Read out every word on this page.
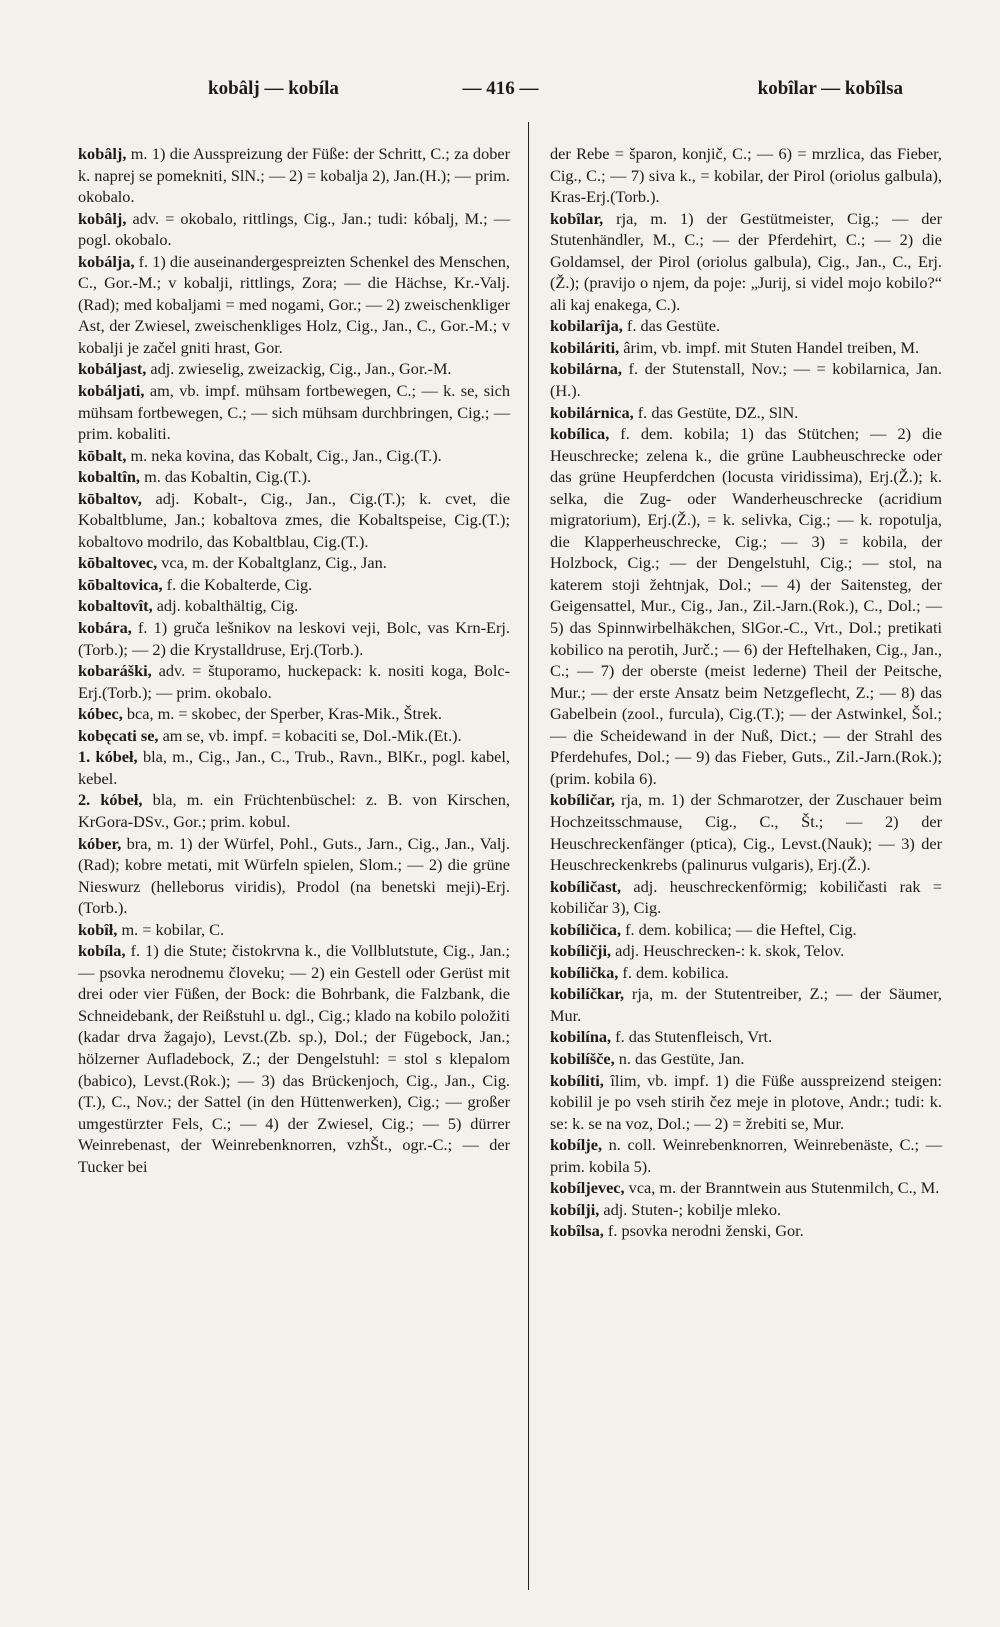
kobâlj — kobíla	— 416 —	kobîlar — kobîlsa

kobâlj, m. 1) die Ausspreizung der Füße: der Schritt, C.; za dober k. naprej se pomekniti, SlN.; — 2) = kobalja 2), Jan.(H.); — prim. okobalo.

kobâlj, adv. = okobalo, rittlings, Cig., Jan.; tudi: kóbalj, M.; — pogl. okobalo.

kobálja, f. 1) die auseinandergespreizten Schenkel des Menschen, C., Gor.-M.; v kobalji, rittlings, Zora; — die Hächse, Kr.-Valj.(Rad); med kobaljami = med nogami, Gor.; — 2) zweischenkliger Ast, der Zwiesel, zweischenkliges Holz, Cig., Jan., C., Gor.-M.; v kobalji je začel gniti hrast, Gor.

kobáljast, adj. zwieselig, zweizackig, Cig., Jan., Gor.-M.

kobáljati, am, vb. impf. mühsam fortbewegen, C.; — k. se, sich mühsam fortbewegen, C.; — sich mühsam durchbringen, Cig.; — prim. kobaliti.

kōbalt, m. neka kovina, das Kobalt, Cig., Jan., Cig.(T.).

kobaltîn, m. das Kobaltin, Cig.(T.).

kōbaltov, adj. Kobalt-, Cig., Jan., Cig.(T.); k. cvet, die Kobaltblume, Jan.; kobaltova zmes, die Kobaltspeise, Cig.(T.); kobaltovo modrilo, das Kobaltblau, Cig.(T.).

kōbaltovec, vca, m. der Kobaltglanz, Cig., Jan.

kōbaltovica, f. die Kobalterde, Cig.

kobaltovît, adj. kobalthältig, Cig.

kobára, f. 1) gruča lešnikov na leskovi veji, Bolc, vas Krn-Erj.(Torb.); — 2) die Krystalldruse, Erj.(Torb.).

kobaráški, adv. = štuporamo, huckepack: k. nositi koga, Bolc-Erj.(Torb.); — prim. okobalo.

kóbec, bca, m. = skobec, der Sperber, Kras-Mik., Štrek.

kobęcati se, am se, vb. impf. = kobaciti se, Dol.-Mik.(Et.).

1. kóbeł, bla, m., Cig., Jan., C., Trub., Ravn., BlKr., pogl. kabel, kebel.

2. kóbeł, bla, m. ein Früchtenbüschel: z. B. von Kirschen, KrGora-DSv., Gor.; prim. kobul.

kóber, bra, m. 1) der Würfel, Pohl., Guts., Jarn., Cig., Jan., Valj.(Rad); kobre metati, mit Würfeln spielen, Slom.; — 2) die grüne Nieswurz (helleborus viridis), Prodol (na benetski meji)-Erj.(Torb.).

kobîł, m. = kobilar, C.

kobíla, f. 1) die Stute; čistokrvna k., die Vollblutstute, Cig., Jan.; — psovka nerodnemu človeku; — 2) ein Gestell oder Gerüst mit drei oder vier Füßen, der Bock: die Bohrbank, die Falzbank, die Schneidebank, der Reißstuhl u. dgl., Cig.; klado na kobilo položiti (kadar drva žagajo), Levst.(Zb. sp.), Dol.; der Fügebock, Jan.; hölzerner Aufladebock, Z.; der Dengelstuhl: = stol s klepalom (babico), Levst.(Rok.); — 3) das Brückenjoch, Cig., Jan., Cig.(T.), C., Nov.; der Sattel (in den Hüttenwerken), Cig.; — großer umgestürzter Fels, C.; — 4) der Zwiesel, Cig.; — 5) dürrer Weinrebenast, der Weinrebenknorren, vzhŠt., ogr.-C.; — der Tucker bei

der Rebe = šparon, konjič, C.; — 6) = mrzlica, das Fieber, Cig., C.; — 7) siva k., = kobilar, der Pirol (oriolus galbula), Kras-Erj.(Torb.).

kobîlar, rja, m. 1) der Gestütmeister, Cig.; — der Stutenhändler, M., C.; — der Pferdehirt, C.; — 2) die Goldamsel, der Pirol (oriolus galbula), Cig., Jan., C., Erj.(Ž.); (pravijo o njem, da poje: „Jurij, si videl mojo kobilo?“ ali kaj enakega, C.).

kobilarîja, f. das Gestüte.

kobiláriti, ârim, vb. impf. mit Stuten Handel treiben, M.

kobilárna, f. der Stutenstall, Nov.; — = kobilarnica, Jan.(H.).

kobilárnica, f. das Gestüte, DZ., SlN.

kobílica, f. dem. kobila; 1) das Stütchen; — 2) die Heuschrecke; zelena k., die grüne Laubheuschrecke oder das grüne Heupferdchen (locusta viridissima), Erj.(Ž.); k. selka, die Zug- oder Wanderheuschrecke (acridium migratorium), Erj.(Ž.), = k. selivka, Cig.; — k. ropotulja, die Klapperheuschrecke, Cig.; — 3) = kobila, der Holzbock, Cig.; — der Dengelstuhl, Cig.; — stol, na katerem stoji žehtnjak, Dol.; — 4) der Saitensteg, der Geigensattel, Mur., Cig., Jan., Zil.-Jarn.(Rok.), C., Dol.; — 5) das Spinnwirbelhäkchen, SlGor.-C., Vrt., Dol.; pretikati kobilico na perotih, Jurč.; — 6) der Heftelhaken, Cig., Jan., C.; — 7) der oberste (meist lederne) Theil der Peitsche, Mur.; — der erste Ansatz beim Netzgeflecht, Z.; — 8) das Gabelbein (zool., furcula), Cig.(T.); — der Astwinkel, Šol.; — die Scheidewand in der Nuß, Dict.; — der Strahl des Pferdehufes, Dol.; — 9) das Fieber, Guts., Zil.-Jarn.(Rok.); (prim. kobila 6).

kobíličar, rja, m. 1) der Schmarotzer, der Zuschauer beim Hochzeitsschmause, Cig., C., Št.; — 2) der Heuschreckenfänger (ptica), Cig., Levst.(Nauk); — 3) der Heuschreckenkrebs (palinurus vulgaris), Erj.(Ž.).

kobíličast, adj. heuschreckenförmig; kobiličasti rak = kobiličar 3), Cig.

kobíličica, f. dem. kobilica; — die Heftel, Cig.

kobíličji, adj. Heuschrecken-: k. skok, Telov.

kobílička, f. dem. kobilica.

kobilíčkar, rja, m. der Stutentreiber, Z.; — der Säumer, Mur.

kobilína, f. das Stutenfleisch, Vrt.

kobilíšče, n. das Gestüte, Jan.

kobíliti, îlim, vb. impf. 1) die Füße ausspreizend steigen: kobilil je po vseh stirih čez meje in plotove, Andr.; tudi: k. se: k. se na voz, Dol.; — 2) = žrebiti se, Mur.

kobílje, n. coll. Weinrebenknorren, Weinrebenäste, C.; — prim. kobila 5).

kobíljevec, vca, m. der Branntwein aus Stutenmilch, C., M.

kobílji, adj. Stuten-; kobilje mleko.

kobîlsa, f. psovka nerodni ženski, Gor.
